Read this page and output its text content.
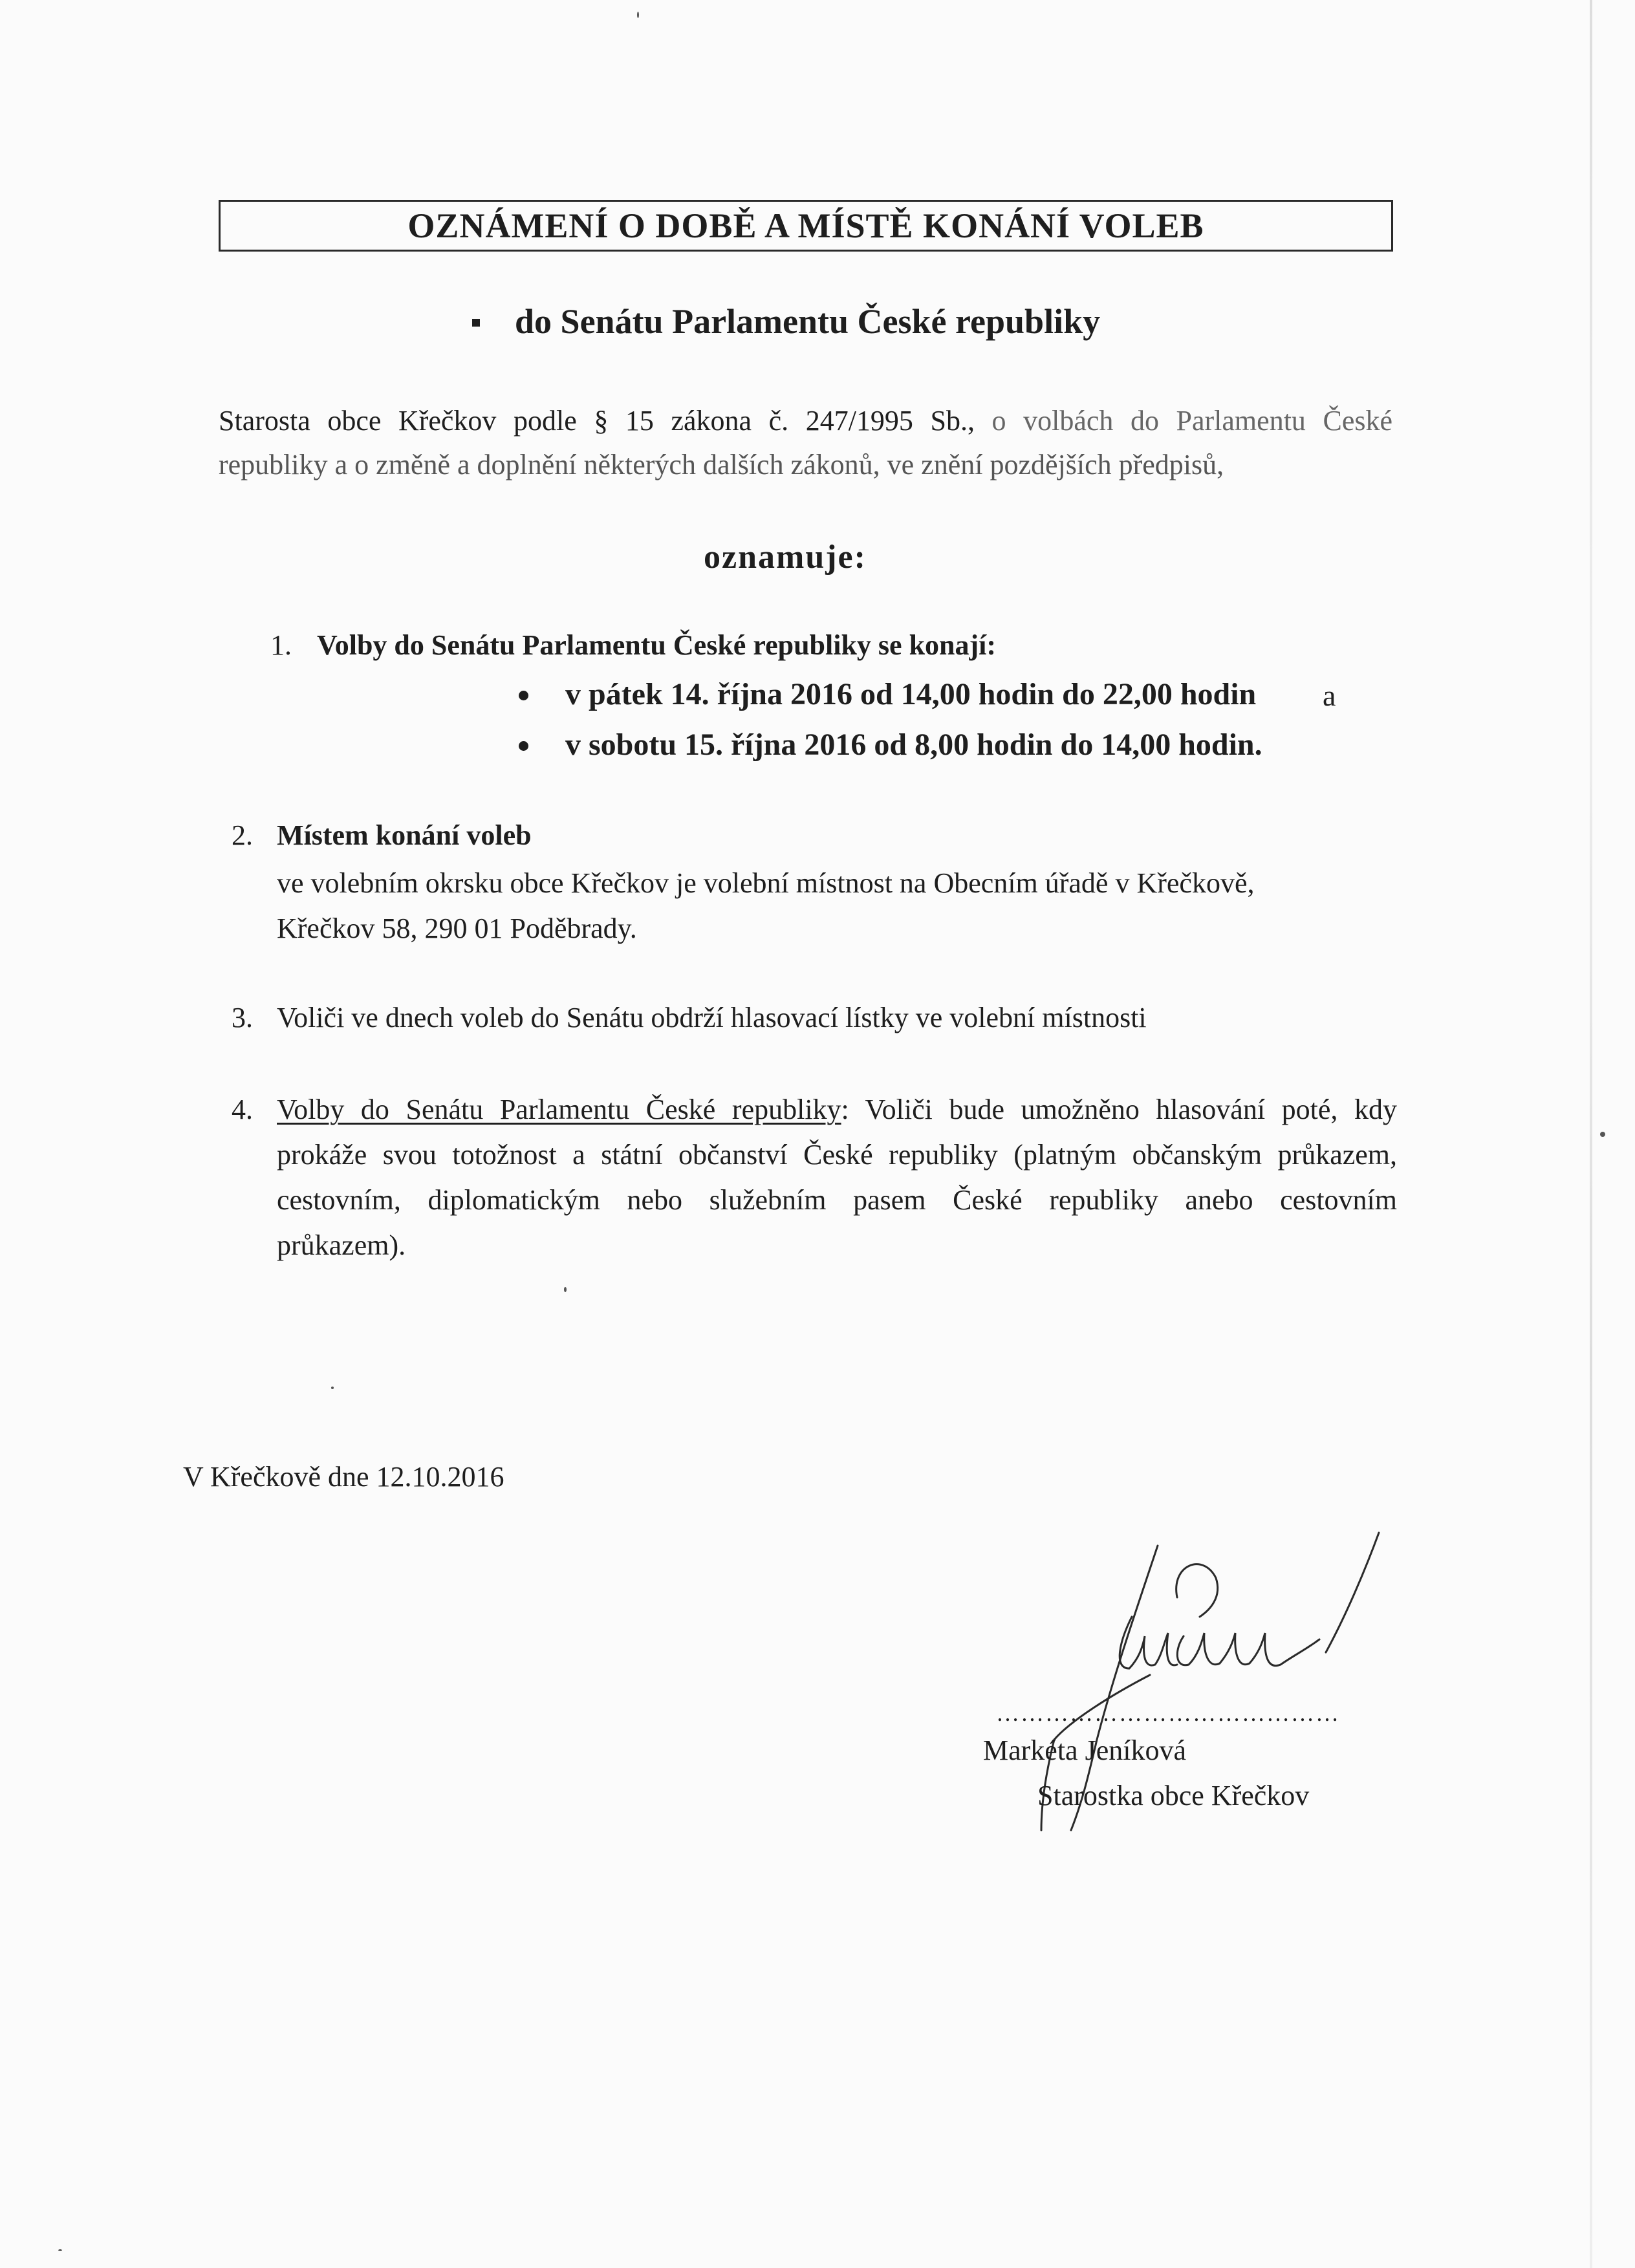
OZNÁMENÍ O DOBĚ A MÍSTĚ KONÁNÍ VOLEB
do Senátu Parlamentu České republiky
Starosta obce Křečkov podle § 15 zákona č. 247/1995 Sb., o volbách do Parlamentu České
republiky a o změně a doplnění některých dalších zákonů, ve znění pozdějších předpisů,
oznamuje:
1. Volby do Senátu Parlamentu České republiky se konají:
v pátek 14. října 2016 od 14,00 hodin do 22,00 hodin a
v sobotu 15. října 2016 od 8,00 hodin do 14,00 hodin.
2. Místem konání voleb
ve volebním okrsku obce Křečkov je volební místnost na Obecním úřadě v Křečkově,
Křečkov 58, 290 01 Poděbrady.
3. Voliči ve dnech voleb do Senátu obdrží hlasovací lístky ve volební místnosti
4. Volby do Senátu Parlamentu České republiky: Voliči bude umožněno hlasování poté, kdy
prokáže svou totožnost a státní občanství České republiky (platným občanským průkazem,
cestovním, diplomatickým nebo služebním pasem České republiky anebo cestovním
průkazem).
V Křečkově dne 12.10.2016
……………………………………
Markéta Jeníková
Starostka obce Křečkov
